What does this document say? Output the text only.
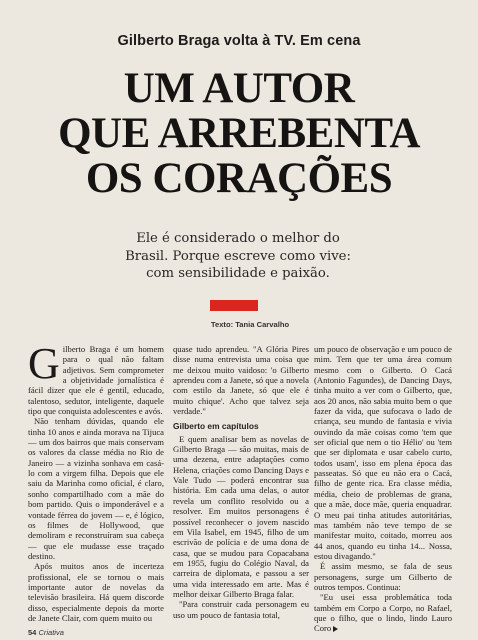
Gilberto Braga volta à TV. Em cena
UM AUTOR
QUE ARREBENTA
OS CORAÇÕES
Ele é considerado o melhor do
Brasil. Porque escreve como vive:
com sensibilidade e paixão.
Texto: Tania Carvalho

Gilberto Braga é um homem para o qual não faltam adjetivos. Sem comprometer a objetividade jornalística é fácil dizer que ele é gentil, educado, talentoso, sedutor, inteligente, daquele tipo que conquista adolescentes e avós.

Não tenham dúvidas, quando ele tinha 10 anos e ainda morava na Tijuca — um dos bairros que mais conservam os valores da classe média no Rio de Janeiro — a vizinha sonhava em casá-lo com a virgem filha. Depois que ele saiu da Marinha como oficial, é claro, sonho compartilhado com a mãe do bom partido. Quis o imponderável e a vontade férrea do jovem — e, é lógico, os filmes de Hollywood, que demoliram e reconstruíram sua cabeça — que ele mudasse esse traçado destino.

Após muitos anos de incerteza profissional, ele se tornou o mais importante autor de novelas da televisão brasileira. Há quem discorde disso, especialmente depois da morte de Janete Clair, com quem muito ou

quase tudo aprendeu. "A Glória Pires disse numa entrevista uma coisa que me deixou muito vaidoso: 'o Gilberto aprendeu com a Janete, só que a novela com estilo da Janete, só que ele é muito chique'. Acho que talvez seja verdade."

Gilberto em capítulos

E quem analisar bem as novelas de Gilberto Braga — são muitas, mais de uma dezena, entre adaptações como Helena, criações como Dancing Days e Vale Tudo — poderá encontrar sua história. Em cada uma delas, o autor revela um conflito resolvido ou a resolver. Em muitos personagens é possível reconhecer o jovem nascido em Vila Isabel, em 1945, filho de um escrivão de polícia e de uma dona de casa, que se mudou para Copacabana em 1955, fugiu do Colégio Naval, da carreira de diplomata, e passou a ser uma vida interessado em arte. Mas é melhor deixar Gilberto Braga falar.

"Para construir cada personagem eu uso um pouco de fantasia total,

um pouco de observação e um pouco de mim. Tem que ter uma área comum mesmo com o Gilberto. O Cacá (Antonio Fagundes), de Dancing Days, tinha muito a ver com o Gilberto, que, aos 20 anos, não sabia muito bem o que fazer da vida, que sufocava o lado de criança, seu mundo de fantasia e vivia ouvindo da mãe coisas como 'tem que ser oficial que nem o tio Hélio' ou 'tem que ser diplomata e usar cabelo curto, todos usam', isso em plena época das passeatas. Só que eu não era o Cacá, filho de gente rica. Era classe média, média, cheio de problemas de grana, que a mãe, doce mãe, queria enquadrar. O meu pai tinha atitudes autoritárias, mas também não teve tempo de se manifestar muito, coitado, morreu aos 44 anos, quando eu tinha 14... Nossa, estou divagando."

É assim mesmo, se fala de seus personagens, surge um Gilberto de outros tempos. Continua:

"Eu usei essa problemática toda também em Corpo a Corpo, no Rafael, que o filho, que o lindo, lindo Lauro Coro

54 Criativa
